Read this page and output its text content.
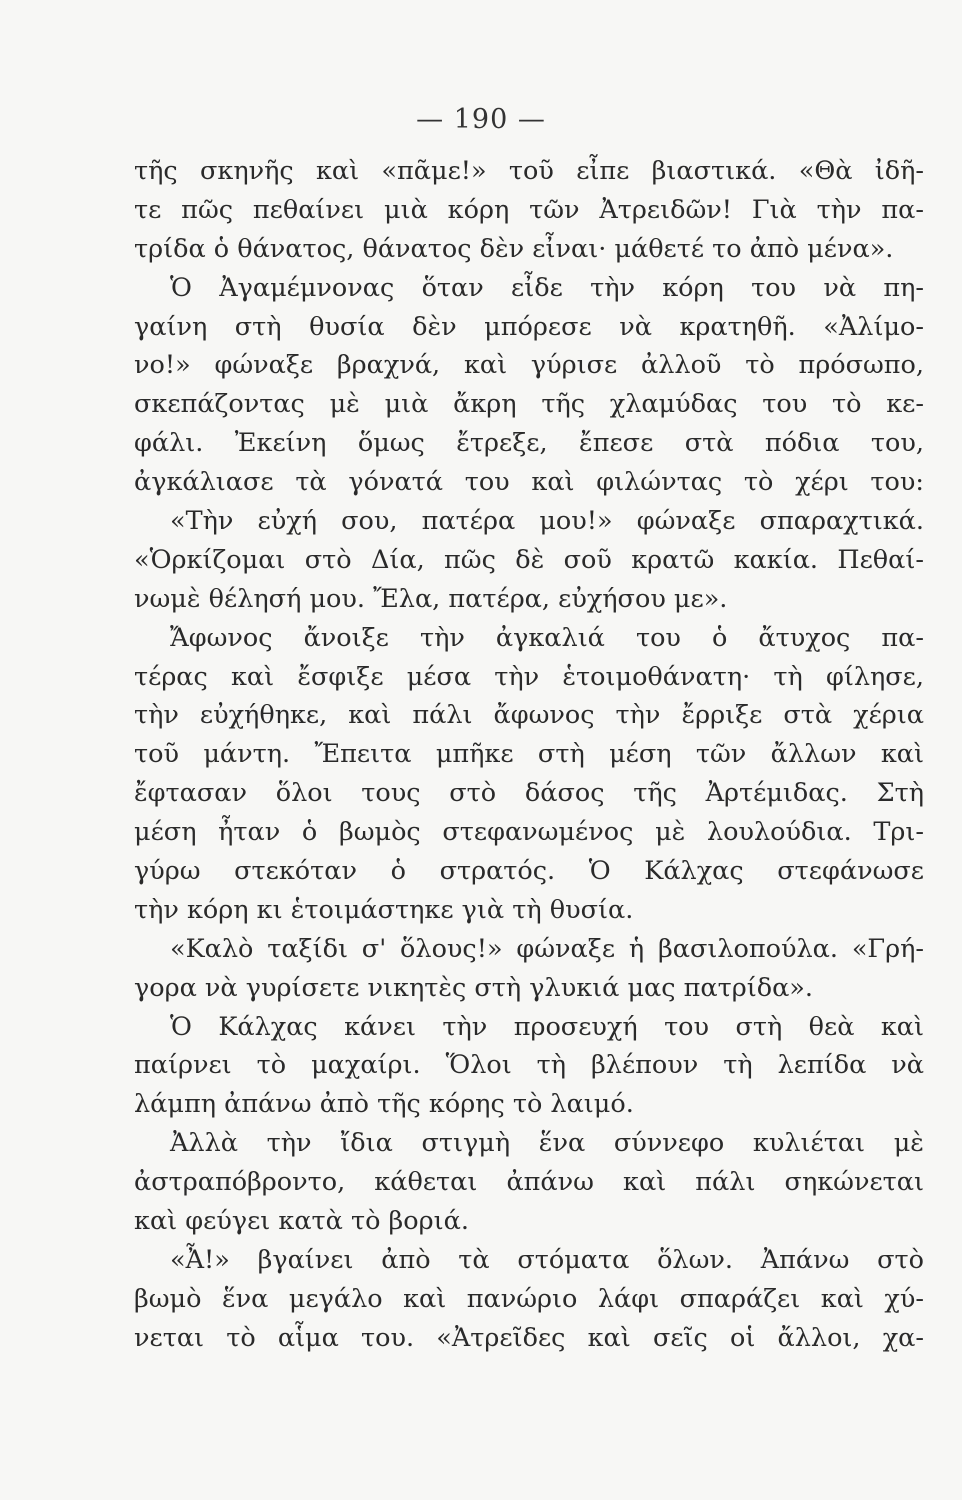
— 190 —
τῆς σκηνῆς καὶ «πᾶμε!» τοῦ εἶπε βιαστικά. «Θὰ ἰδῆ-
τε πῶς πεθαίνει μιὰ κόρη τῶν Ἀτρειδῶν! Γιὰ τὴν πα-
τρίδα ὁ θάνατος, θάνατος δὲν εἶναι· μάθετέ το ἀπὸ μένα».
Ὁ Ἀγαμέμνονας ὅταν εἶδε τὴν κόρη του νὰ πη-
γαίνη στὴ θυσία δὲν μπόρεσε νὰ κρατηθῆ. «Ἀλίμο-
νο!» φώναξε βραχνά, καὶ γύρισε ἀλλοῦ τὸ πρόσωπο,
σκεπάζοντας μὲ μιὰ ἄκρη τῆς χλαμύδας του τὸ κε-
φάλι. Ἐκείνη ὅμως ἔτρεξε, ἔπεσε στὰ πόδια του,
ἀγκάλιασε τὰ γόνατά του καὶ φιλώντας τὸ χέρι του:
«Τὴν εὐχή σου, πατέρα μου!» φώναξε σπαραχτικά.
«Ὁρκίζομαι στὸ Δία, πῶς δὲ σοῦ κρατῶ κακία. Πεθαί-
νωμὲ θέλησή μου. Ἔλα, πατέρα, εὐχήσου με».
Ἄφωνος ἄνοιξε τὴν ἀγκαλιά του ὁ ἄτυχος πα-
τέρας καὶ ἔσφιξε μέσα τὴν ἑτοιμοθάνατη· τὴ φίλησε,
τὴν εὐχήθηκε, καὶ πάλι ἄφωνος τὴν ἔρριξε στὰ χέρια
τοῦ μάντη. Ἔπειτα μπῆκε στὴ μέση τῶν ἄλλων καὶ
ἔφτασαν ὅλοι τους στὸ δάσος τῆς Ἀρτέμιδας. Στὴ
μέση ἦταν ὁ βωμὸς στεφανωμένος μὲ λουλούδια. Τρι-
γύρω στεκόταν ὁ στρατός. Ὁ Κάλχας στεφάνωσε
τὴν κόρη κι ἑτοιμάστηκε γιὰ τὴ θυσία.
«Καλὸ ταξίδι σ' ὅλους!» φώναξε ἡ βασιλοπούλα. «Γρή-
γορα νὰ γυρίσετε νικητὲς στὴ γλυκιά μας πατρίδα».
Ὁ Κάλχας κάνει τὴν προσευχή του στὴ θεὰ καὶ
παίρνει τὸ μαχαίρι. Ὅλοι τὴ βλέπουν τὴ λεπίδα νὰ
λάμπη ἀπάνω ἀπὸ τῆς κόρης τὸ λαιμό.
Ἀλλὰ τὴν ἴδια στιγμὴ ἕνα σύννεφο κυλιέται μὲ
ἀστραπόβροντο, κάθεται ἀπάνω καὶ πάλι σηκώνεται
καὶ φεύγει κατὰ τὸ βοριά.
«Ἆ!» βγαίνει ἀπὸ τὰ στόματα ὅλων. Ἀπάνω στὸ
βωμὸ ἕνα μεγάλο καὶ πανώριο λάφι σπαράζει καὶ χύ-
νεται τὸ αἷμα του. «Ἀτρεῖδες καὶ σεῖς οἱ ἄλλοι, χα-
